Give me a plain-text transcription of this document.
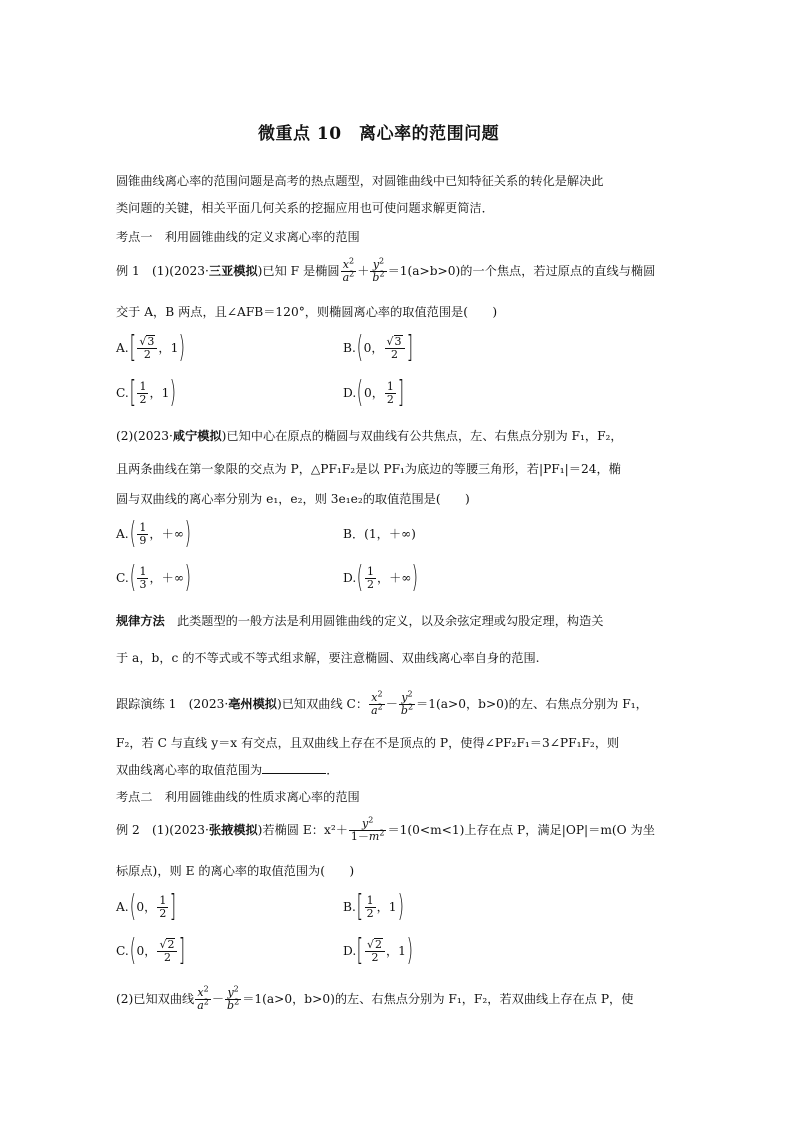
微重点 10　离心率的范围问题
圆锥曲线离心率的范围问题是高考的热点题型，对圆锥曲线中已知特征关系的转化是解决此
类问题的关键，相关平面几何关系的挖掘应用也可使问题求解更简洁．
考点一　利用圆锥曲线的定义求离心率的范围
例 1　(1)(2023· 三亚模拟 )已知 F 是椭圆 $\frac{x^2}{a^2} + \frac{y^2}{b^2} =1(a>b>0)$的一个焦点，若过原点的直线与椭圆
交于 A，B 两点，且∠AFB＝120°，则椭圆离心率的取值范围是(　　)
A. [ $\frac{√3}{2}$ ，1 )	B. ( 0， $\frac{√3}{2}$ ]
C. [ $\frac{1}{2}$ ，1 )	D. ( 0， $\frac{1}{2}$ ]
(2)(2023·咸宁模拟)已知中心在原点的椭圆与双曲线有公共焦点，左、右焦点分别为 F₁，F₂，
且两条曲线在第一象限的交点为 P，△PF₁F₂是以 PF₁为底边的等腰三角形，若|PF₁|＝24，椭
圆与双曲线的离心率分别为 e₁，e₂，则 3e₁e₂的取值范围是(　　)
A. ( $\frac{1}{9}$ ，＋∞ )	B．(1，＋∞)
C. ( $\frac{1}{3}$ ，＋∞ )	D. ( $\frac{1}{2}$ ，＋∞ )
规律方法　 此类题型的一般方法是利用圆锥曲线的定义，以及余弦定理或勾股定理，构造关
于 a，b，c 的不等式或不等式组求解，要注意椭圆、双曲线离心率自身的范围.
跟踪演练 1　(2023· 亳州模拟 )已知双曲线 C： $\frac{x^2}{a^2} - \frac{y^2}{b^2} =1(a>0$，b>0)的左、右焦点分别为 F₁，
F₂，若 C 与直线 y＝x 有交点，且双曲线上存在不是顶点的 P，使得∠PF₂F₁＝3∠PF₁F₂，则
双曲线离心率的取值范围为	．
考点二　利用圆锥曲线的性质求离心率的范围
例 2　(1)(2023· 张掖模拟 )若椭圆 E：$x^2+ \frac{y^2}{1-m^2} =1(0<m<1)$上存在点 P，满足|OP|＝m(O 为坐
标原点)，则 E 的离心率的取值范围为(　　)
A. ( 0， $\frac{1}{2}$ ]	B. [ $\frac{1}{2}$ ，1 )
C. ( 0， $\frac{√2}{2}$ ]	D. [ $\frac{√2}{2}$ ，1 )
(2)已知双曲线 $\frac{x^2}{a^2} - \frac{y^2}{b^2} =1(a>0$，b>0)的左、右焦点分别为 F₁，F₂，若双曲线上存在点 P，使
